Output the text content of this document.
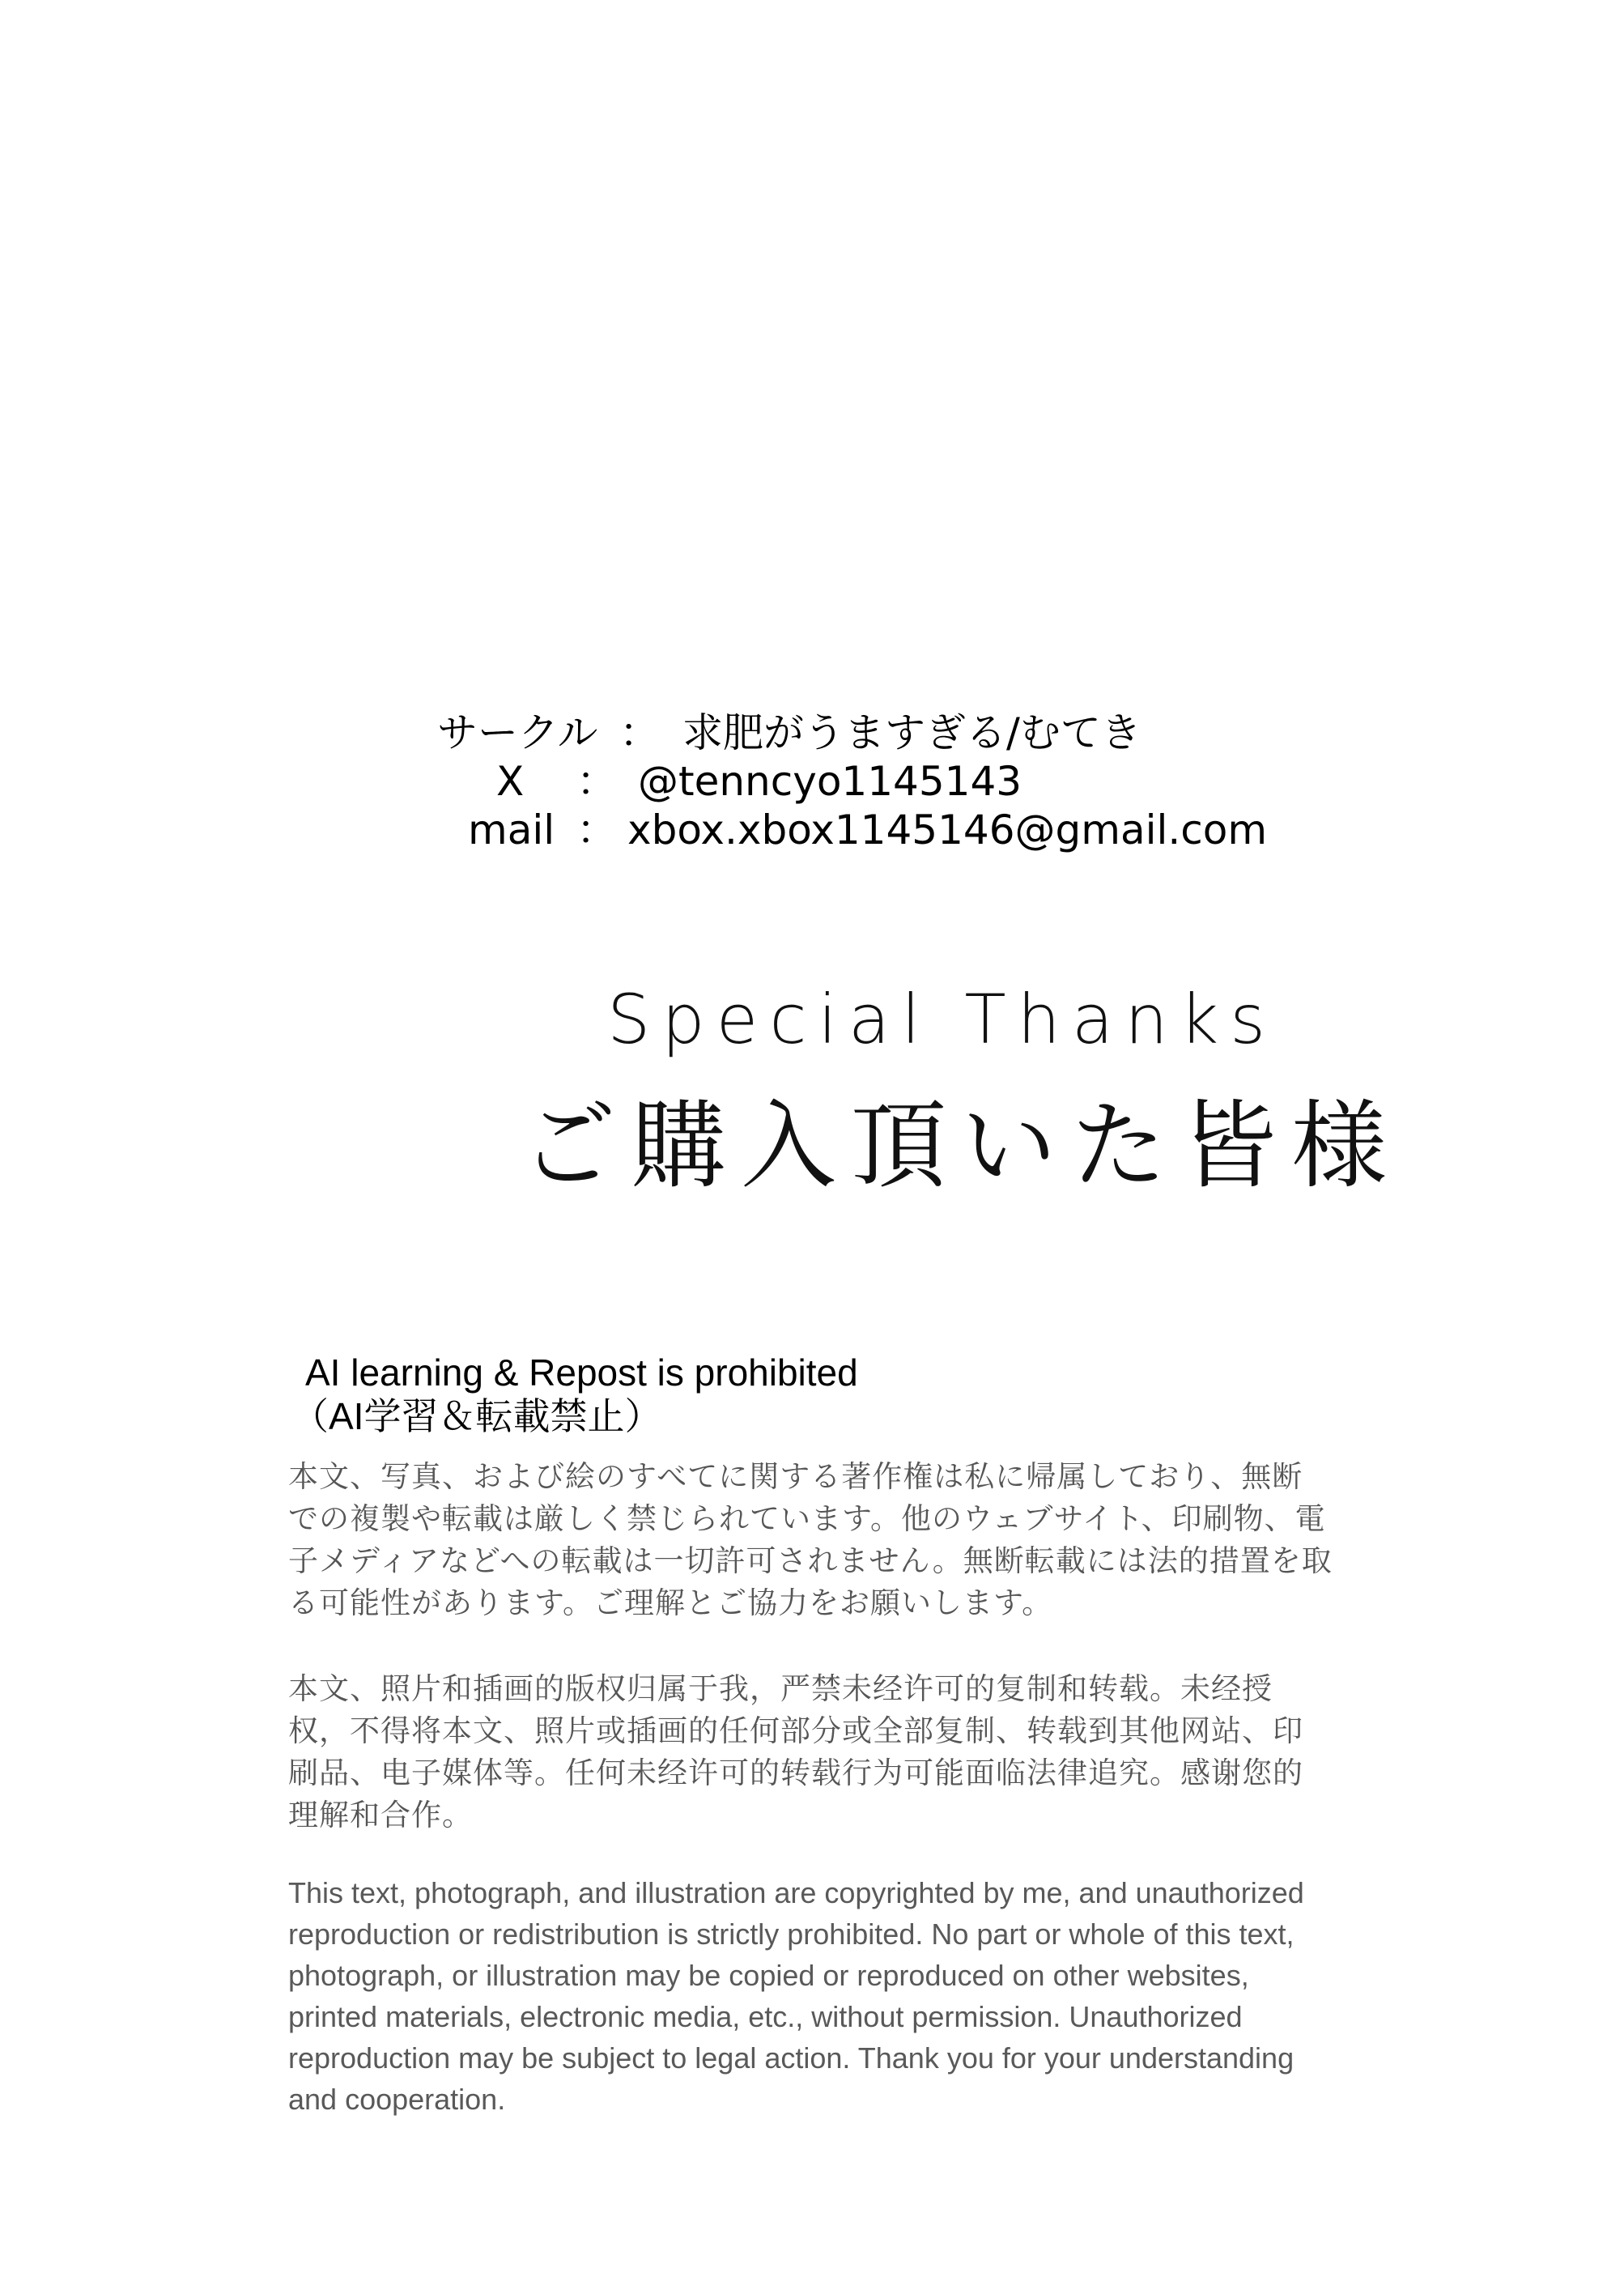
サークル ： 求肥がうますぎる/むてき
X ： @tenncyo1145143
mail ： xbox.xbox1145146@gmail.com
Special Thanks
ご購入頂いた皆様
AI learning & Repost is prohibited
（AI学習＆転載禁止）

本文、写真、および絵のすべてに関する著作権は私に帰属しており、無断での複製や転載は厳しく禁じられています。他のウェブサイト、印刷物、電子メディアなどへの転載は一切許可されません。無断転載には法的措置を取る可能性があります。ご理解とご協力をお願いします。

本文、照片和插画的版权归属于我，严禁未经许可的复制和转载。未经授权，不得将本文、照片或插画的任何部分或全部复制、转载到其他网站、印刷品、电子媒体等。任何未经许可的转载行为可能面临法律追究。感谢您的理解和合作。

This text, photograph, and illustration are copyrighted by me, and unauthorized reproduction or redistribution is strictly prohibited. No part or whole of this text, photograph, or illustration may be copied or reproduced on other websites, printed materials, electronic media, etc., without permission. Unauthorized reproduction may be subject to legal action. Thank you for your understanding and cooperation.
